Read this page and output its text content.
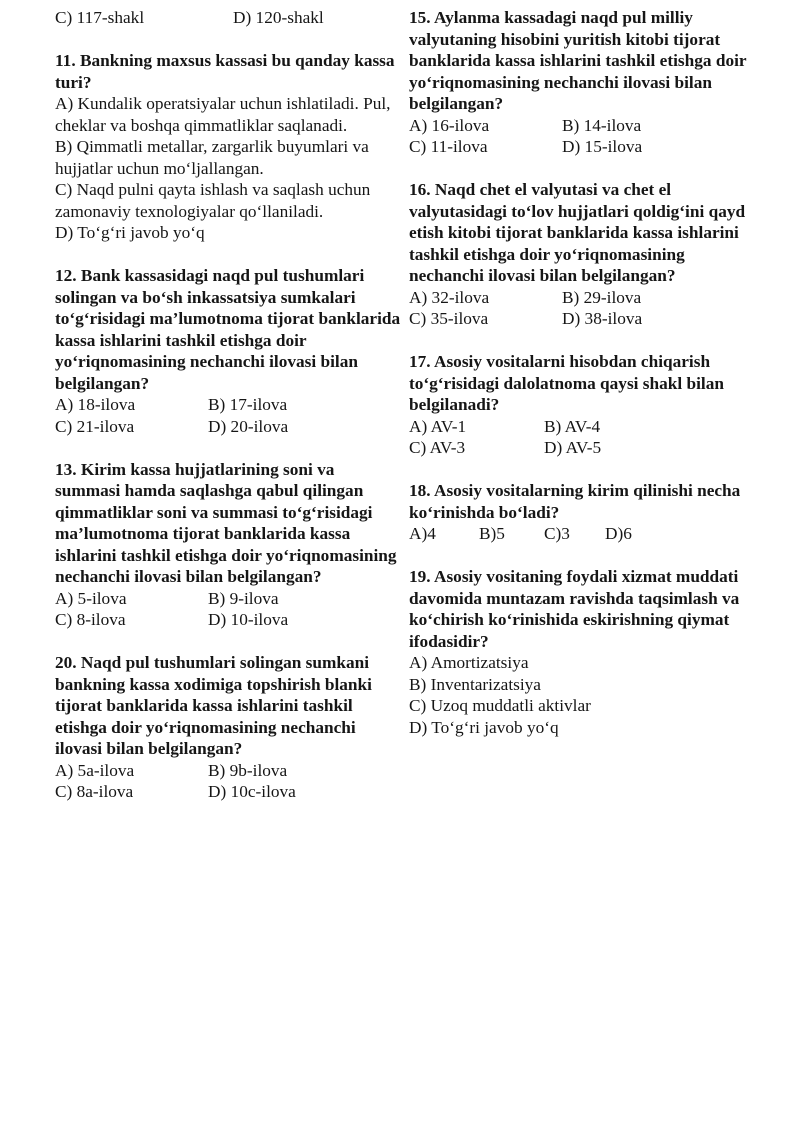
C) 117-shakl	D) 120-shakl

11. Bankning maxsus kassasi bu qanday kassa turi?

A) Kundalik operatsiyalar uchun ishlatiladi. Pul, cheklar va boshqa qimmatliklar saqlanadi.

B) Qimmatli metallar, zargarlik buyumlari va hujjatlar uchun moʻljallangan.

C) Naqd pulni qayta ishlash va saqlash uchun zamonaviy texnologiyalar qoʻllaniladi.

D) Toʻgʻri javob yoʻq

12. Bank kassasidagi naqd pul tushumlari solingan va boʻsh inkassatsiya sumkalari toʻgʻrisidagi ma’lumotnoma tijorat banklarida kassa ishlarini tashkil etishga doir yoʻriqnomasining nechanchi ilovasi bilan belgilangan?

A) 18-ilova	B) 17-ilova
C) 21-ilova	D) 20-ilova

13. Kirim kassa hujjatlarining soni va summasi hamda saqlashga qabul qilingan qimmatliklar soni va summasi toʻgʻrisidagi ma’lumotnoma tijorat banklarida kassa ishlarini tashkil etishga doir yoʻriqnomasining nechanchi ilovasi bilan belgilangan?

A) 5-ilova	B) 9-ilova
C) 8-ilova	D) 10-ilova

20. Naqd pul tushumlari solingan sumkani bankning kassa xodimiga topshirish blanki tijorat banklarida kassa ishlarini tashkil etishga doir yoʻriqnomasining nechanchi ilovasi bilan belgilangan?

A) 5a-ilova	B) 9b-ilova
C) 8a-ilova	D) 10c-ilova

15. Aylanma kassadagi naqd pul milliy valyutaning hisobini yuritish kitobi tijorat banklarida kassa ishlarini tashkil etishga doir yoʻriqnomasining nechanchi ilovasi bilan belgilangan?

A) 16-ilova	B) 14-ilova
C) 11-ilova	D) 15-ilova

16. Naqd chet el valyutasi va chet el valyutasidagi toʻlov hujjatlari qoldigʻini qayd etish kitobi tijorat banklarida kassa ishlarini tashkil etishga doir yoʻriqnomasining nechanchi ilovasi bilan belgilangan?

A) 32-ilova	B) 29-ilova
C) 35-ilova	D) 38-ilova

17. Asosiy vositalarni hisobdan chiqarish toʻgʻrisidagi dalolatnoma qaysi shakl bilan belgilanadi?

A) AV-1	B) AV-4
C) AV-3	D) AV-5

18. Asosiy vositalarning kirim qilinishi necha koʻrinishda boʻladi?

A)4	B)5	C)3	D)6

19. Asosiy vositaning foydali xizmat muddati davomida muntazam ravishda taqsimlash va koʻchirish koʻrinishida eskirishning qiymat ifodasidir?

A) Amortizatsiya

B) Inventarizatsiya

C) Uzoq muddatli aktivlar

D) Toʻgʻri javob yoʻq
